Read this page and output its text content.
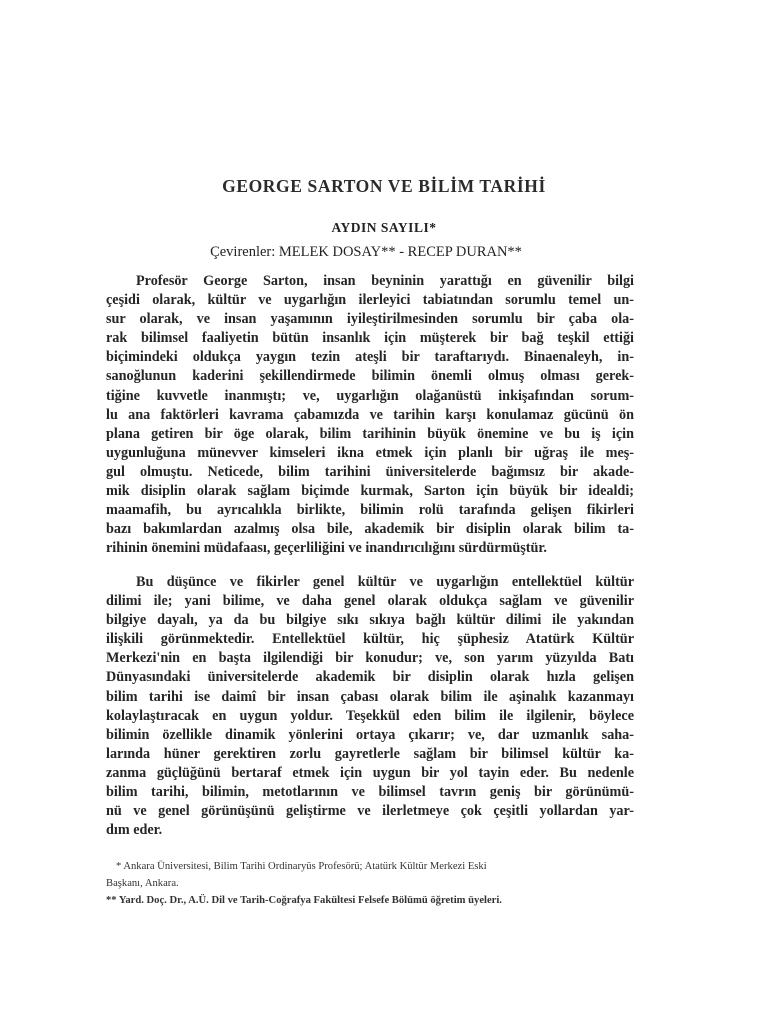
GEORGE SARTON VE BİLİM TARİHİ
AYDIN SAYILI*
Çevirenler: MELEK DOSAY** - RECEP DURAN**
Profesör George Sarton, insan beyninin yarattığı en güvenilir bilgi
çeşidi olarak, kültür ve uygarlığın ilerleyici tabiatından sorumlu temel un-
sur olarak, ve insan yaşamının iyileştirilmesinden sorumlu bir çaba ola-
rak bilimsel faaliyetin bütün insanlık için müşterek bir bağ teşkil ettiği
biçimindeki oldukça yaygın tezin ateşli bir taraftarıydı. Binaenaleyh, in-
sanoğlunun kaderini şekillendirmede bilimin önemli olmuş olması gerek-
tiğine kuvvetle inanmıştı; ve, uygarlığın olağanüstü inkişafından sorum-
lu ana faktörleri kavrama çabamızda ve tarihin karşı konulamaz gücünü ön
plana getiren bir öge olarak, bilim tarihinin büyük önemine ve bu iş için
uygunluğuna münevver kimseleri ikna etmek için planlı bir uğraş ile meş-
gul olmuştu. Neticede, bilim tarihini üniversitelerde bağımsız bir akade-
mik disiplin olarak sağlam biçimde kurmak, Sarton için büyük bir idealdi;
maamafih, bu ayrıcalıkla birlikte, bilimin rolü tarafında gelişen fikirleri
bazı bakımlardan azalmış olsa bile, akademik bir disiplin olarak bilim ta-
rihinin önemini müdafaası, geçerliliğini ve inandırıcılığını sürdürmüştür.
Bu düşünce ve fikirler genel kültür ve uygarlığın entellektüel kültür
dilimi ile; yani bilime, ve daha genel olarak oldukça sağlam ve güvenilir
bilgiye dayalı, ya da bu bilgiye sıkı sıkıya bağlı kültür dilimi ile yakından
ilişkili görünmektedir. Entellektüel kültür, hiç şüphesiz Atatürk Kültür
Merkezi'nin en başta ilgilendiği bir konudur; ve, son yarım yüzyılda Batı
Dünyasındaki üniversitelerde akademik bir disiplin olarak hızla gelişen
bilim tarihi ise daimî bir insan çabası olarak bilim ile aşinalık kazanmayı
kolaylaştıracak en uygun yoldur. Teşekkül eden bilim ile ilgilenir, böylece
bilimin özellikle dinamik yönlerini ortaya çıkarır; ve, dar uzmanlık saha-
larında hüner gerektiren zorlu gayretlerle sağlam bir bilimsel kültür ka-
zanma güçlüğünü bertaraf etmek için uygun bir yol tayin eder. Bu nedenle
bilim tarihi, bilimin, metotlarının ve bilimsel tavrın geniş bir görünümü-
nü ve genel görünüşünü geliştirme ve ilerletmeye çok çeşitli yollardan yar-
dım eder.
* Ankara Üniversitesi, Bilim Tarihi Ordinaryüs Profesörü; Atatürk Kültür Merkezi Eski
Başkanı, Ankara.
** Yard. Doç. Dr., A.Ü. Dil ve Tarih-Coğrafya Fakültesi Felsefe Bölümü öğretim üyeleri.
